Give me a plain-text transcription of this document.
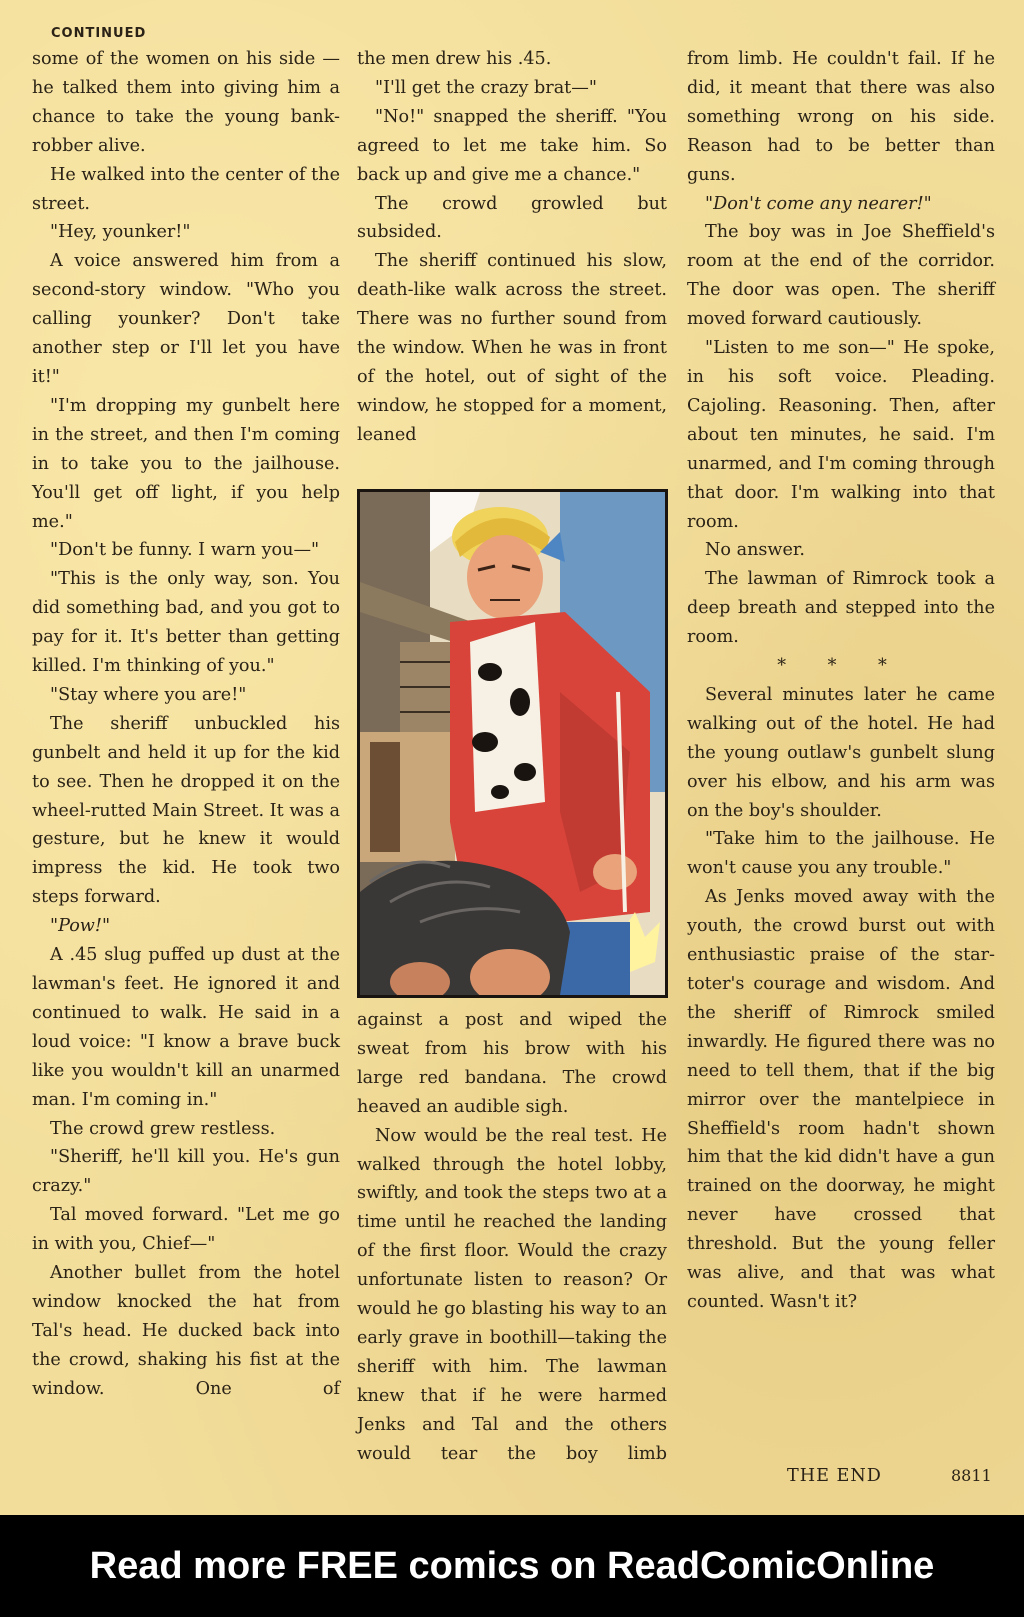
CONTINUED

some of the women on his side —he talked them into giving him a chance to take the young bank-robber alive.

He walked into the center of the street.

"Hey, younker!"

A voice answered him from a second-story window. "Who you calling younker? Don't take another step or I'll let you have it!"

"I'm dropping my gunbelt here in the street, and then I'm coming in to take you to the jailhouse. You'll get off light, if you help me."

"Don't be funny. I warn you—"

"This is the only way, son. You did something bad, and you got to pay for it. It's better than getting killed. I'm thinking of you."

"Stay where you are!"

The sheriff unbuckled his gunbelt and held it up for the kid to see. Then he dropped it on the wheel-rutted Main Street. It was a gesture, but he knew it would impress the kid. He took two steps forward.

"Pow!"

A .45 slug puffed up dust at the lawman's feet. He ignored it and continued to walk. He said in a loud voice: "I know a brave buck like you wouldn't kill an unarmed man. I'm coming in."

The crowd grew restless.

"Sheriff, he'll kill you. He's gun crazy."

Tal moved forward. "Let me go in with you, Chief—"

Another bullet from the hotel window knocked the hat from Tal's head. He ducked back into the crowd, shaking his fist at the window. One of

the men drew his .45.

"I'll get the crazy brat—"

"No!" snapped the sheriff. "You agreed to let me take him. So back up and give me a chance."

The crowd growled but subsided.

The sheriff continued his slow, death-like walk across the street. There was no further sound from the window. When he was in front of the hotel, out of sight of the window, he stopped for a moment, leaned

against a post and wiped the sweat from his brow with his large red bandana. The crowd heaved an audible sigh.

Now would be the real test. He walked through the hotel lobby, swiftly, and took the steps two at a time until he reached the landing of the first floor. Would the crazy unfortunate listen to reason? Or would he go blasting his way to an early grave in boothill—taking the sheriff with him. The lawman knew that if he were harmed Jenks and Tal and the others would tear the boy limb

from limb. He couldn't fail. If he did, it meant that there was also something wrong on his side. Reason had to be better than guns.

"Don't come any nearer!"

The boy was in Joe Sheffield's room at the end of the corridor. The door was open. The sheriff moved forward cautiously.

"Listen to me son—" He spoke, in his soft voice. Pleading. Cajoling. Reasoning. Then, after about ten minutes, he said. I'm unarmed, and I'm coming through that door. I'm walking into that room.

No answer.

The lawman of Rimrock took a deep breath and stepped into the room.

* * *

Several minutes later he came walking out of the hotel. He had the young outlaw's gunbelt slung over his elbow, and his arm was on the boy's shoulder.

"Take him to the jailhouse. He won't cause you any trouble."

As Jenks moved away with the youth, the crowd burst out with enthusiastic praise of the star-toter's courage and wisdom. And the sheriff of Rimrock smiled inwardly. He figured there was no need to tell them, that if the big mirror over the mantelpiece in Sheffield's room hadn't shown him that the kid didn't have a gun trained on the doorway, he might never have crossed that threshold. But the young feller was alive, and that was what counted. Wasn't it?

THE END	8811
Read more FREE comics on ReadComicOnline
